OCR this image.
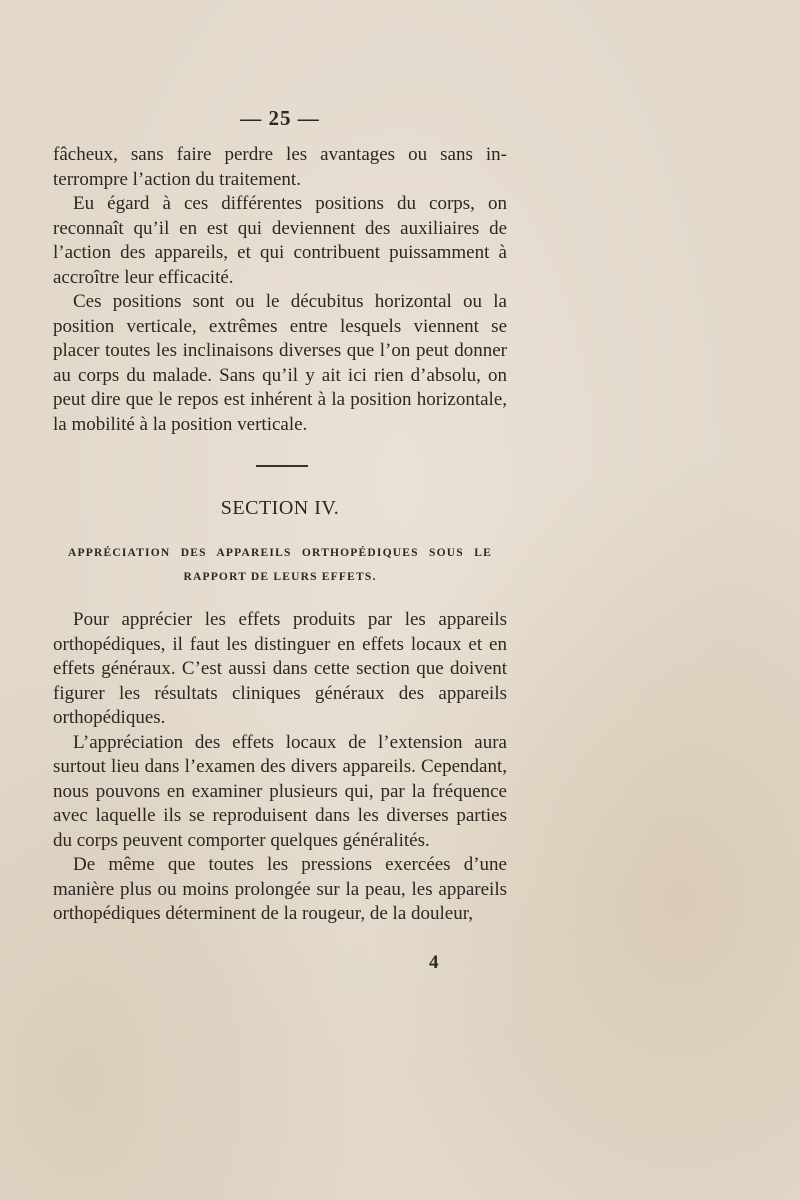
— 25 —

fâcheux, sans faire perdre les avantages ou sans in-terrompre l’action du traitement.

Eu égard à ces différentes positions du corps, on reconnaît qu’il en est qui deviennent des auxiliaires de l’action des appareils, et qui contribuent puissamment à accroître leur efficacité.

Ces positions sont ou le décubitus horizontal ou la position verticale, extrêmes entre lesquels viennent se placer toutes les inclinaisons diverses que l’on peut donner au corps du malade. Sans qu’il y ait ici rien d’absolu, on peut dire que le repos est inhérent à la position horizontale, la mobilité à la position verticale.

SECTION IV.
APPRÉCIATION DES APPAREILS ORTHOPÉDIQUES SOUS LE RAPPORT DE LEURS EFFETS.

Pour apprécier les effets produits par les appareils orthopédiques, il faut les distinguer en effets locaux et en effets généraux. C’est aussi dans cette section que doivent figurer les résultats cliniques généraux des appareils orthopédiques.

L’appréciation des effets locaux de l’extension aura surtout lieu dans l’examen des divers appareils. Cependant, nous pouvons en examiner plusieurs qui, par la fréquence avec laquelle ils se reproduisent dans les diverses parties du corps peuvent comporter quelques généralités.

De même que toutes les pressions exercées d’une manière plus ou moins prolongée sur la peau, les appareils orthopédiques déterminent de la rougeur, de la douleur,

4
